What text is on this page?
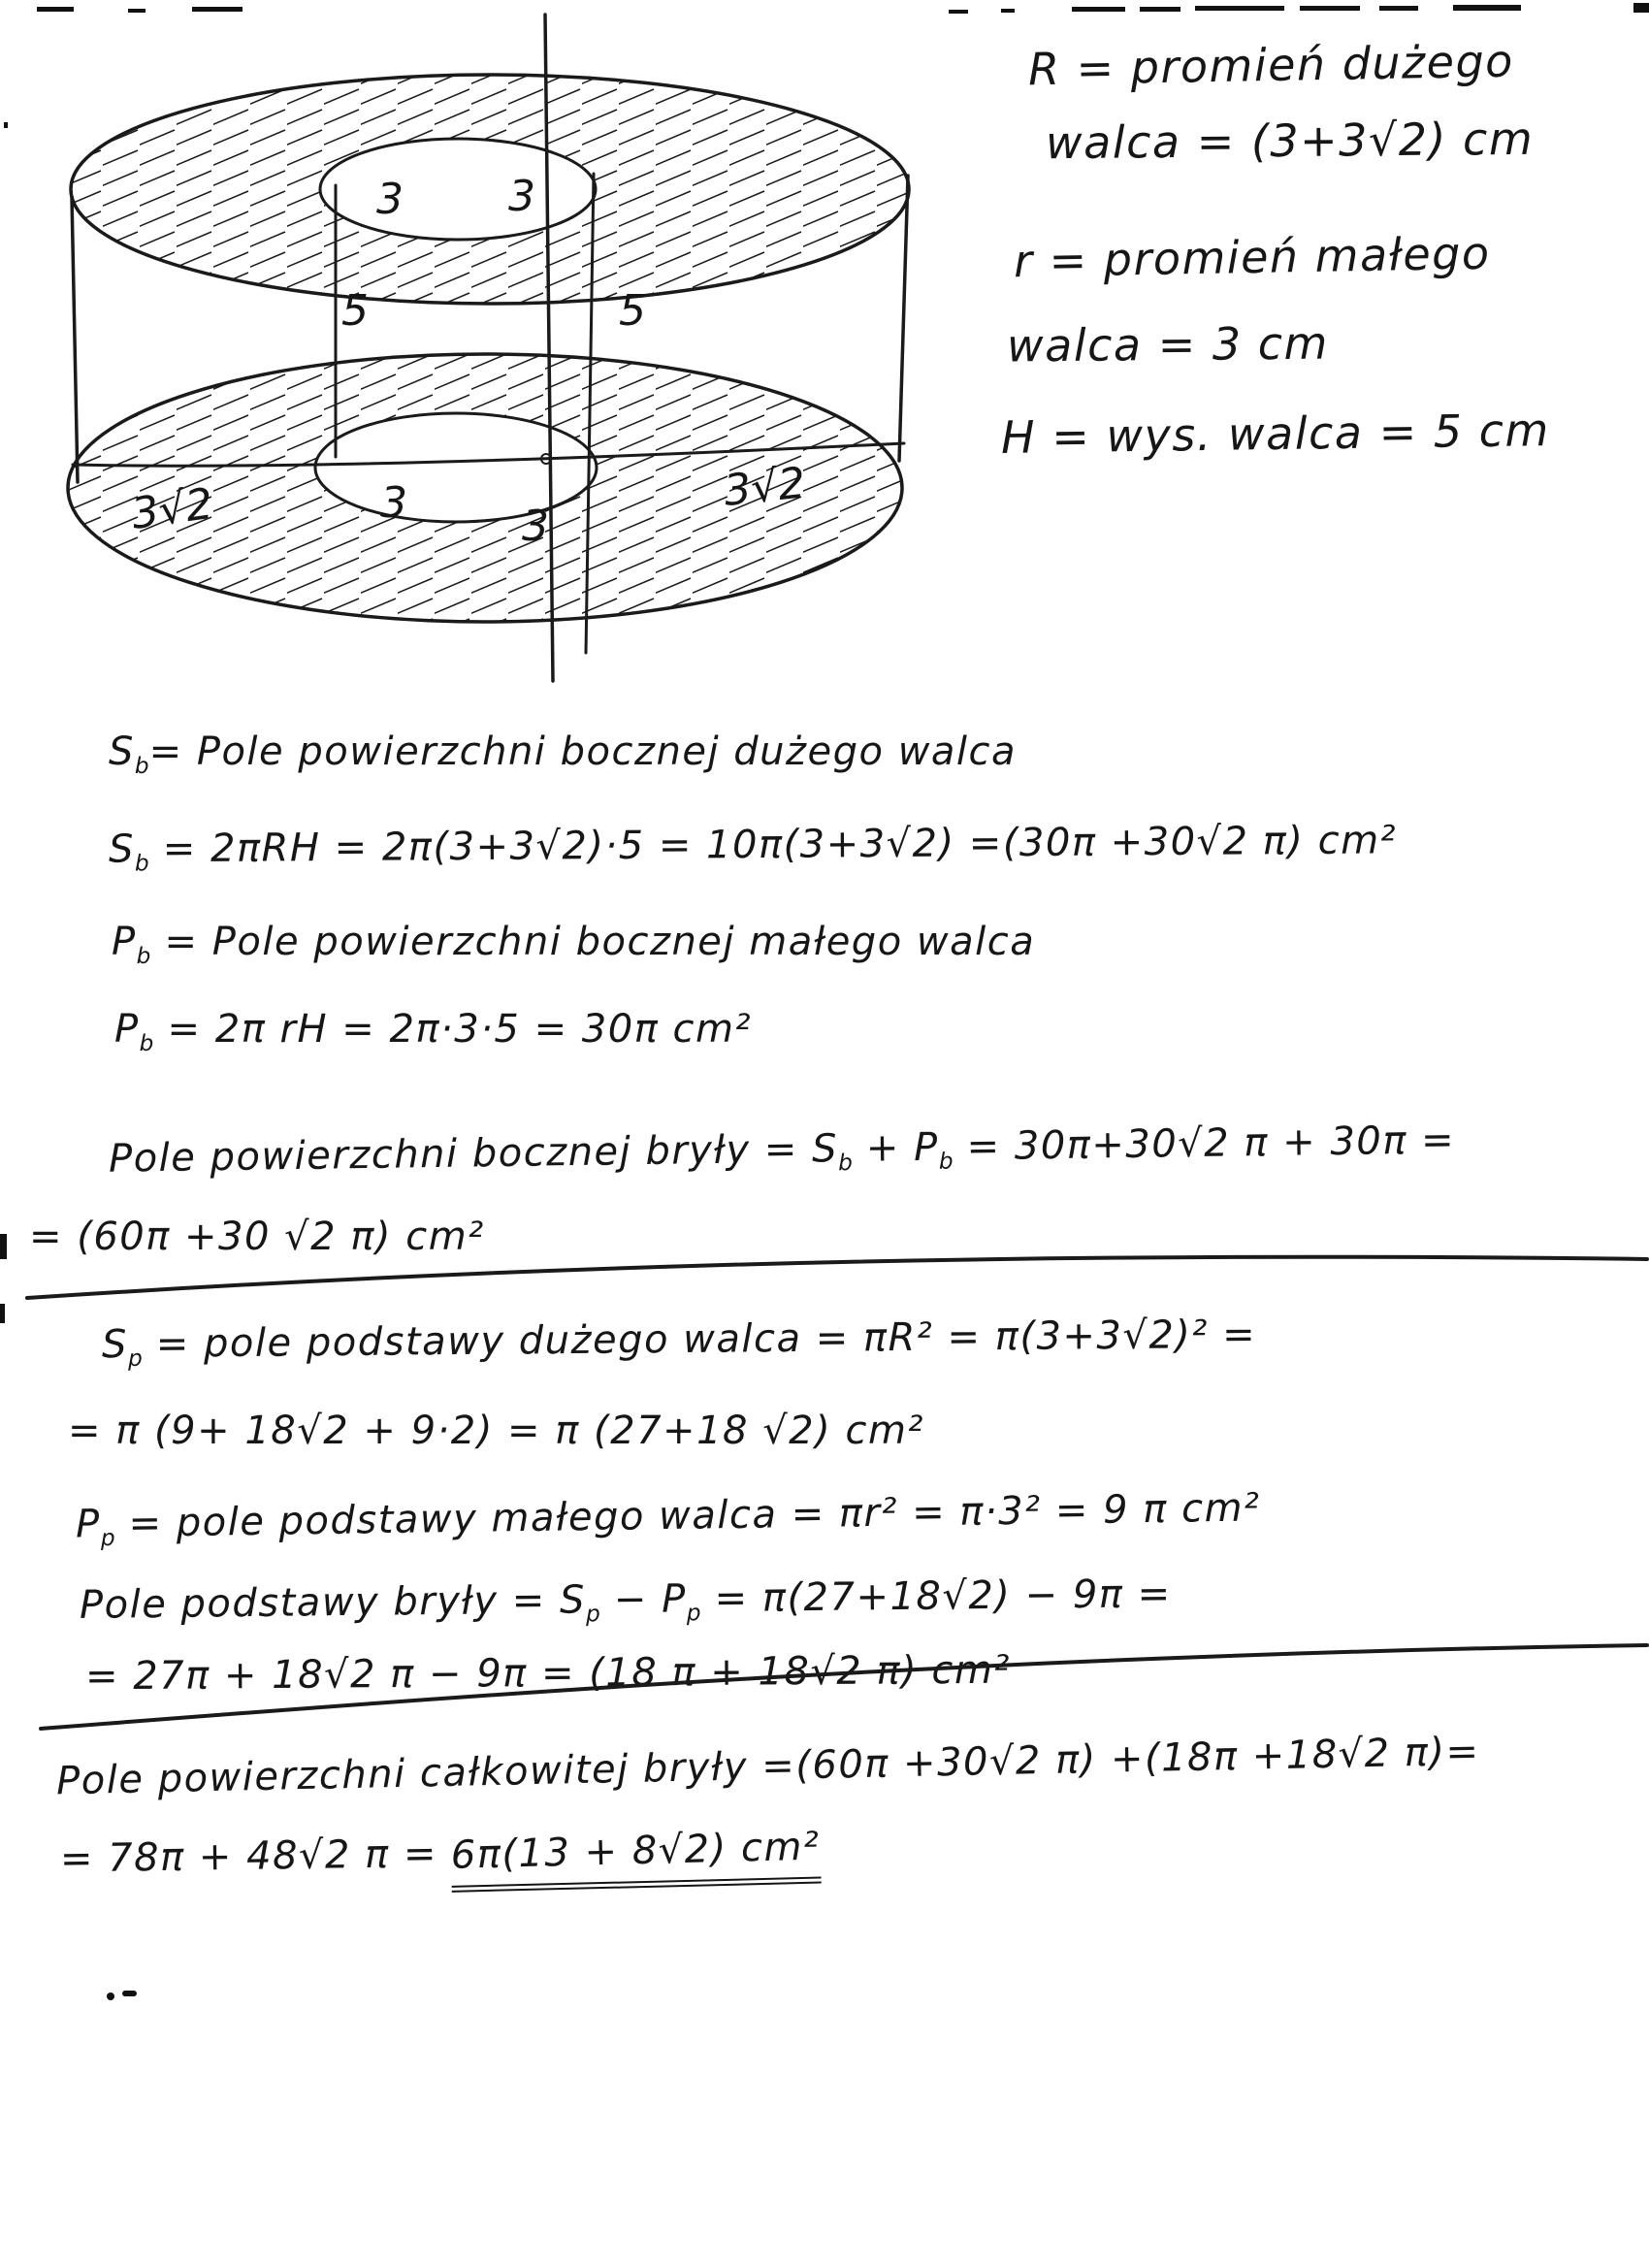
3 3
5	5
3√2	3	3
3√2
R = promień dużego
walca = (3+3√2) cm
r = promień małego
walca = 3 cm
H = wys. walca = 5 cm
$S_b=$ Pole powierzchni bocznej dużego walca
$S_b = 2\pi RH = 2\pi(3+3√2)\cdot 5 = 10\pi(3+3√2) =(30\pi +30√2$ π) cm²
$P_b$ = Pole powierzchni bocznej małego walca
$P_b = 2\pi$ rH = 2π·3·5 = 30π cm²
Pole powierzchni bocznej bryły = $S_b + P_b = 30\pi+30√2$ π + 30π =
= (60π +30 √2 π) cm²
$S_p$ = pole podstawy dużego walca = πR² = π(3+3√2)² =
= π (9+ 18√2 + 9·2) = π (27+18 √2) cm²
$P_p$ = pole podstawy małego walca = πr² = π·3² = 9 π cm²
Pole podstawy bryły = $S_p - P_p = \pi(27+18√2) - 9\pi$ =
= 27π + 18√2 π − 9π = (18 π + 18√2 π) cm²
Pole powierzchni całkowitej bryły =(60π +30√2 π) +(18π +18√2 π)=
= 78π + 48√2 π = 6π(13 + 8√2) cm²
